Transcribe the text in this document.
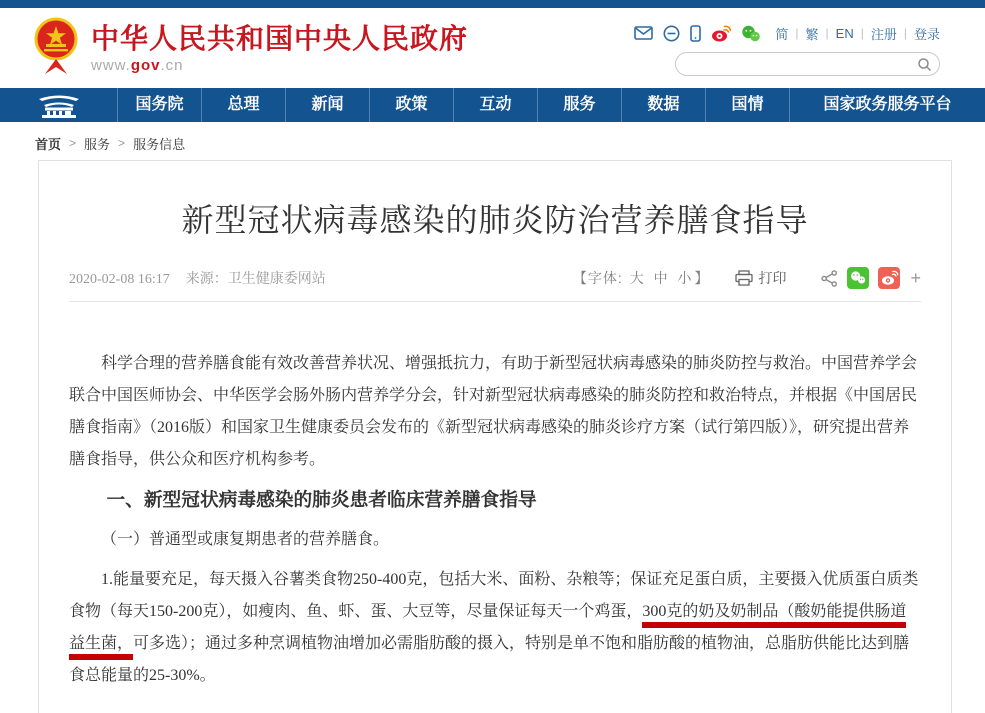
中华人民共和国中央人民政府
www.gov.cn
简 | 繁 | EN | 注册 | 登录
国务院	总理	新闻	政策	互动	服务	数据	国情	国家政务服务平台
首页 > 服务 > 服务信息
新型冠状病毒感染的肺炎防治营养膳食指导
2020-02-08 16:17 来源：卫生健康委网站	【字体: 大 中 小 】	打印	+

科学合理的营养膳食能有效改善营养状况、增强抵抗力，有助于新型冠状病毒感染的肺炎防控与救治。中国营养学会联合中国医师协会、中华医学会肠外肠内营养学分会，针对新型冠状病毒感染的肺炎防控和救治特点，并根据《中国居民膳食指南》（2016版）和国家卫生健康委员会发布的《新型冠状病毒感染的肺炎诊疗方案（试行第四版）》，研究提出营养膳食指导，供公众和医疗机构参考。

一、新型冠状病毒感染的肺炎患者临床营养膳食指导

（一）普通型或康复期患者的营养膳食。

1.能量要充足，每天摄入谷薯类食物250-400克，包括大米、面粉、杂粮等；保证充足蛋白质，主要摄入优质蛋白质类食物（每天150-200克），如瘦肉、鱼、虾、蛋、大豆等，尽量保证每天一个鸡蛋，300克的奶及奶制品（酸奶能提供肠道益生菌，可多选）；通过多种烹调植物油增加必需脂肪酸的摄入，特别是单不饱和脂肪酸的植物油，总脂肪供能比达到膳食总能量的25-30%。
